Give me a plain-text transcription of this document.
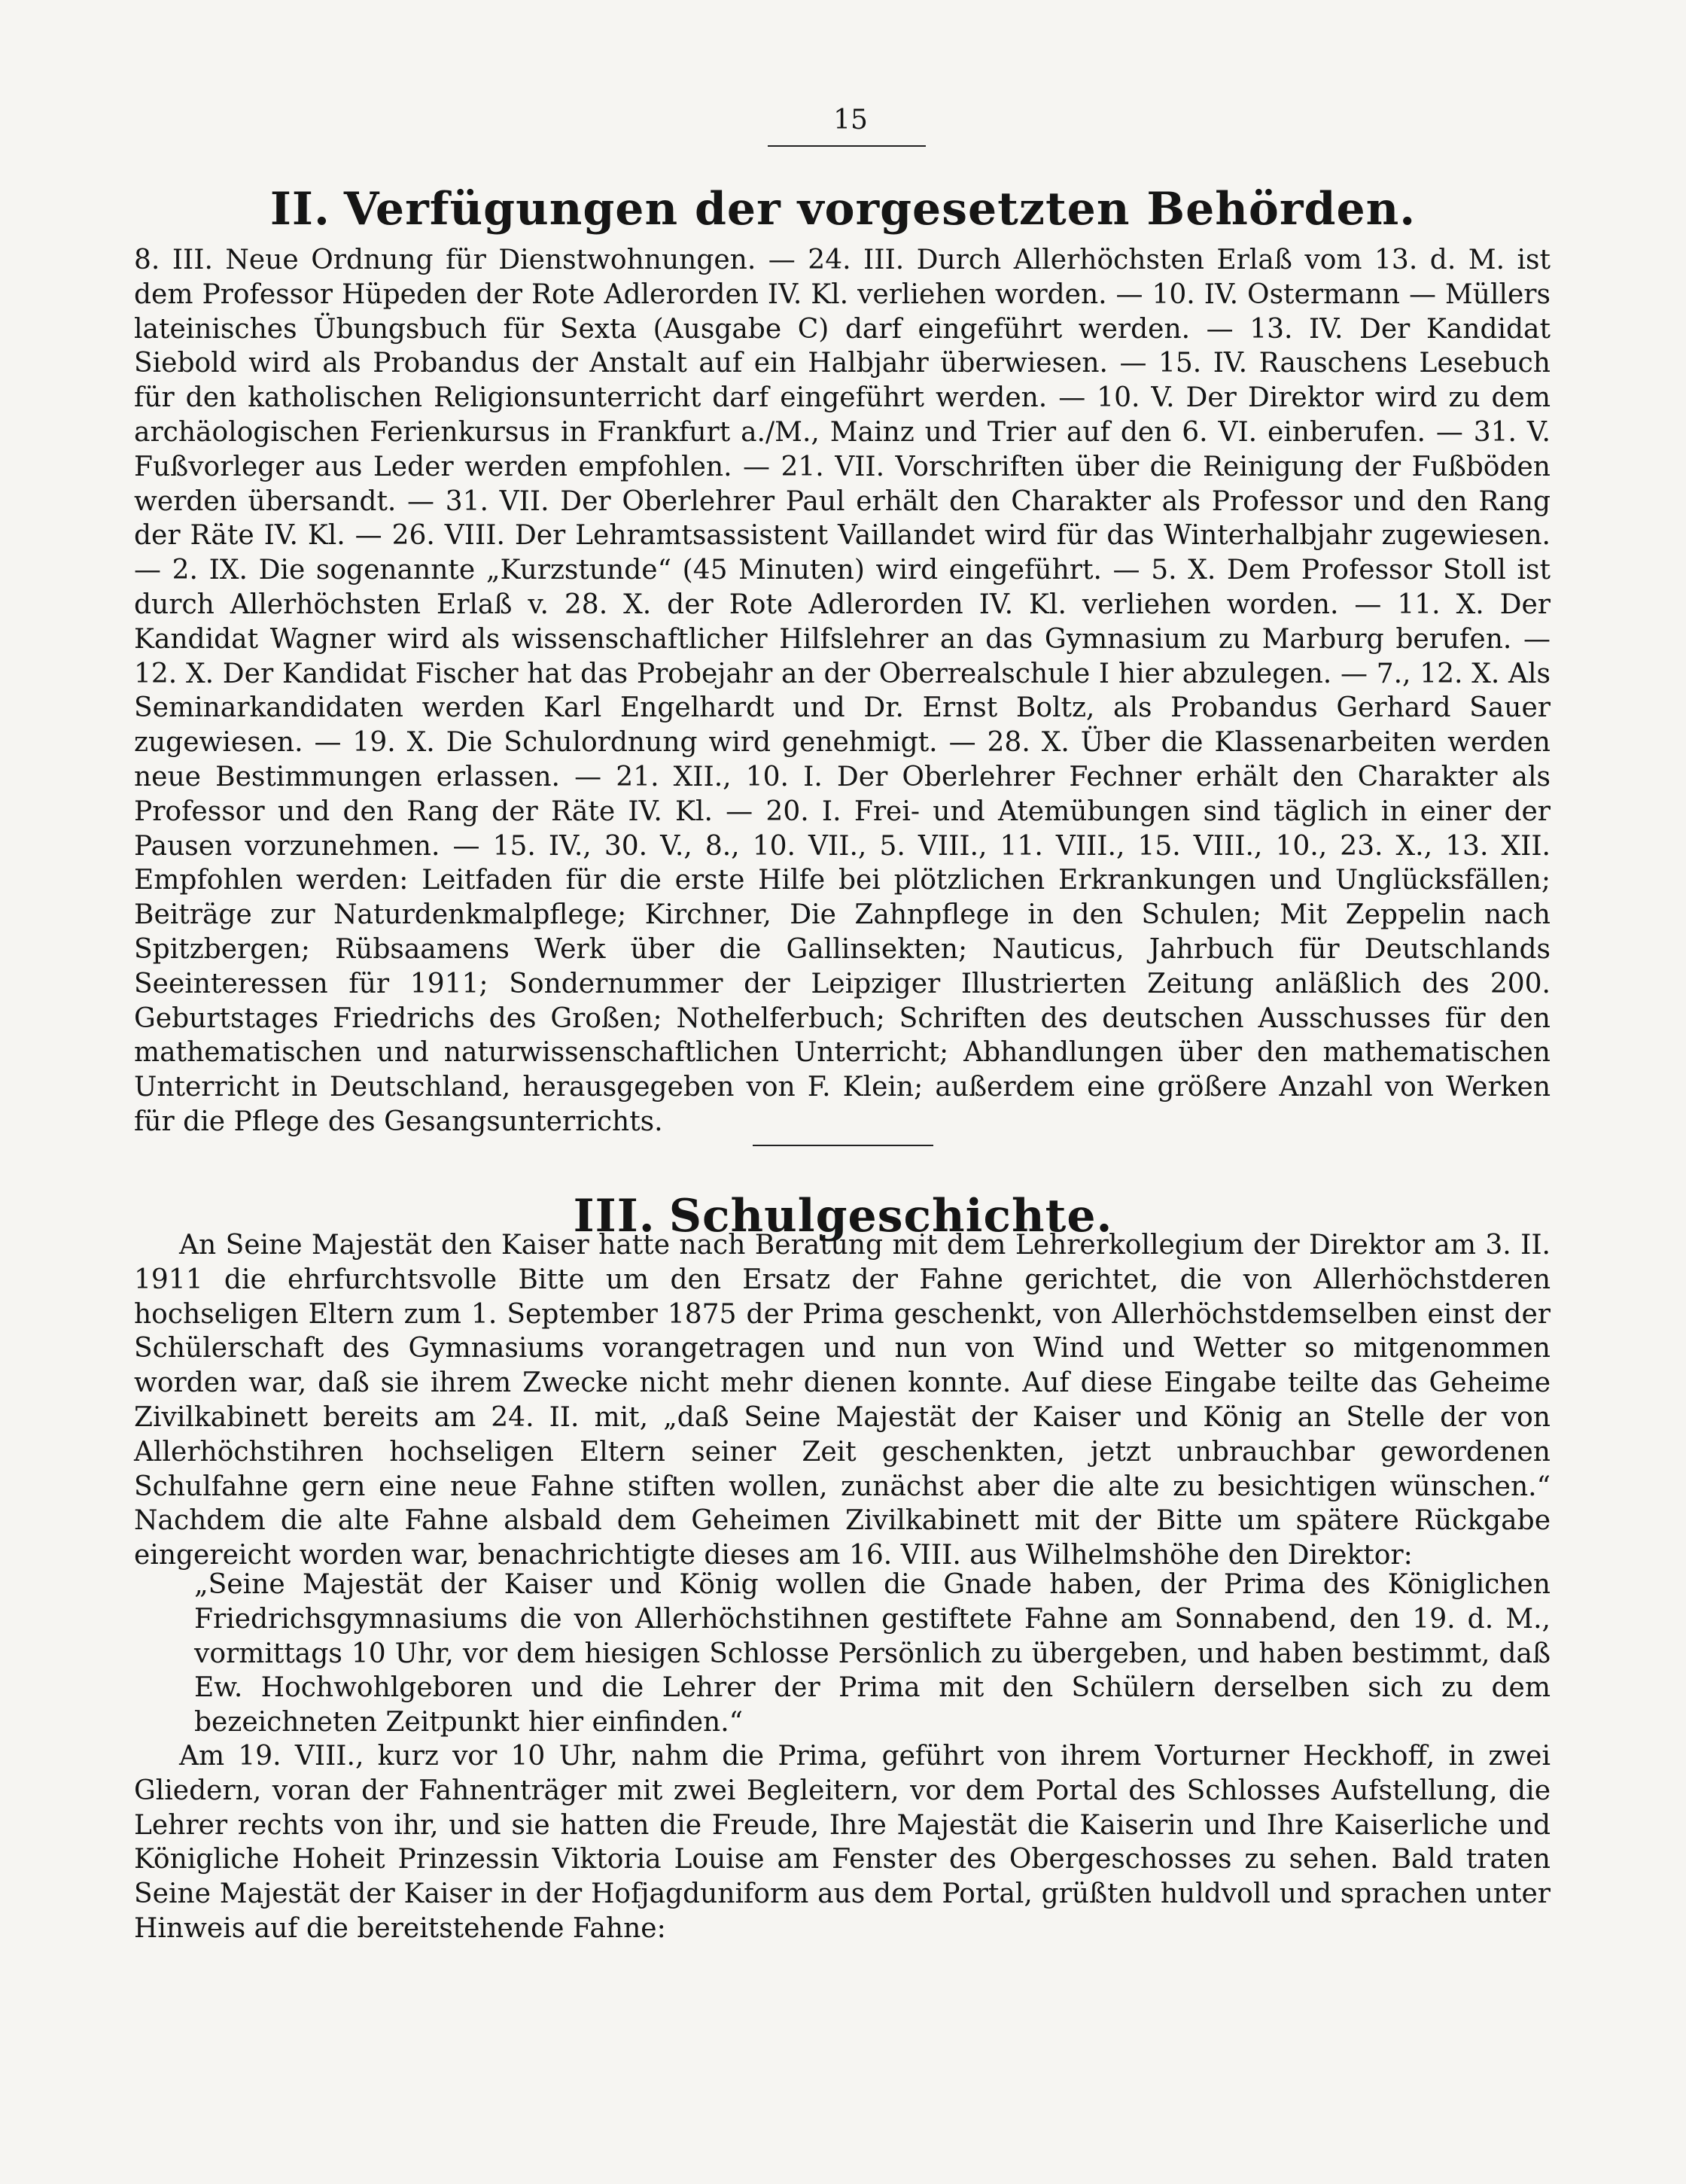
15
II. Verfügungen der vorgesetzten Behörden.

8. III. Neue Ordnung für Dienstwohnungen. — 24. III. Durch Allerhöchsten Erlaß vom 13. d. M. ist dem Professor Hüpeden der Rote Adlerorden IV. Kl. verliehen worden. — 10. IV. Ostermann — Müllers lateinisches Übungsbuch für Sexta (Ausgabe C) darf eingeführt werden. — 13. IV. Der Kandidat Siebold wird als Probandus der Anstalt auf ein Halbjahr überwiesen. — 15. IV. Rauschens Lesebuch für den katholischen Religionsunterricht darf eingeführt werden. — 10. V. Der Direktor wird zu dem archäologischen Ferienkursus in Frankfurt a./M., Mainz und Trier auf den 6. VI. einberufen. — 31. V. Fußvorleger aus Leder werden empfohlen. — 21. VII. Vorschriften über die Reinigung der Fußböden werden übersandt. — 31. VII. Der Oberlehrer Paul erhält den Charakter als Professor und den Rang der Räte IV. Kl. — 26. VIII. Der Lehramtsassistent Vaillandet wird für das Winterhalbjahr zugewiesen. — 2. IX. Die sogenannte „Kurzstunde“ (45 Minuten) wird eingeführt. — 5. X. Dem Professor Stoll ist durch Allerhöchsten Erlaß v. 28. X. der Rote Adlerorden IV. Kl. verliehen worden. — 11. X. Der Kandidat Wagner wird als wissenschaftlicher Hilfslehrer an das Gymnasium zu Marburg berufen. — 12. X. Der Kandidat Fischer hat das Probejahr an der Oberrealschule I hier abzulegen. — 7., 12. X. Als Seminarkandidaten werden Karl Engelhardt und Dr. Ernst Boltz, als Probandus Gerhard Sauer zugewiesen. — 19. X. Die Schulordnung wird genehmigt. — 28. X. Über die Klassenarbeiten werden neue Bestimmungen erlassen. — 21. XII., 10. I. Der Oberlehrer Fechner erhält den Charakter als Professor und den Rang der Räte IV. Kl. — 20. I. Frei- und Atemübungen sind täglich in einer der Pausen vorzunehmen. — 15. IV., 30. V., 8., 10. VII., 5. VIII., 11. VIII., 15. VIII., 10., 23. X., 13. XII. Empfohlen werden: Leitfaden für die erste Hilfe bei plötzlichen Erkrankungen und Unglücksfällen; Beiträge zur Naturdenkmalpflege; Kirchner, Die Zahnpflege in den Schulen; Mit Zeppelin nach Spitzbergen; Rübsaamens Werk über die Gallinsekten; Nauticus, Jahrbuch für Deutschlands Seeinteressen für 1911; Sondernummer der Leipziger Illustrierten Zeitung anläßlich des 200. Geburtstages Friedrichs des Großen; Nothelferbuch; Schriften des deutschen Ausschusses für den mathematischen und naturwissenschaftlichen Unterricht; Abhandlungen über den mathematischen Unterricht in Deutschland, herausgegeben von F. Klein; außerdem eine größere Anzahl von Werken für die Pflege des Gesangsunterrichts.

III. Schulgeschichte.

An Seine Majestät den Kaiser hatte nach Beratung mit dem Lehrerkollegium der Direktor am 3. II. 1911 die ehrfurchtsvolle Bitte um den Ersatz der Fahne gerichtet, die von Allerhöchstderen hochseligen Eltern zum 1. September 1875 der Prima geschenkt, von Allerhöchstdemselben einst der Schülerschaft des Gymnasiums vorangetragen und nun von Wind und Wetter so mitgenommen worden war, daß sie ihrem Zwecke nicht mehr dienen konnte. Auf diese Eingabe teilte das Geheime Zivilkabinett bereits am 24. II. mit, „daß Seine Majestät der Kaiser und König an Stelle der von Allerhöchstihren hochseligen Eltern seiner Zeit geschenkten, jetzt unbrauchbar gewordenen Schulfahne gern eine neue Fahne stiften wollen, zunächst aber die alte zu besichtigen wünschen.“ Nachdem die alte Fahne alsbald dem Geheimen Zivilkabinett mit der Bitte um spätere Rückgabe eingereicht worden war, benachrichtigte dieses am 16. VIII. aus Wilhelmshöhe den Direktor:

„Seine Majestät der Kaiser und König wollen die Gnade haben, der Prima des Königlichen Friedrichsgymnasiums die von Allerhöchstihnen gestiftete Fahne am Sonnabend, den 19. d. M., vormittags 10 Uhr, vor dem hiesigen Schlosse Persönlich zu übergeben, und haben bestimmt, daß Ew. Hochwohlgeboren und die Lehrer der Prima mit den Schülern derselben sich zu dem bezeichneten Zeitpunkt hier einfinden.“

Am 19. VIII., kurz vor 10 Uhr, nahm die Prima, geführt von ihrem Vorturner Heckhoff, in zwei Gliedern, voran der Fahnenträger mit zwei Begleitern, vor dem Portal des Schlosses Aufstellung, die Lehrer rechts von ihr, und sie hatten die Freude, Ihre Majestät die Kaiserin und Ihre Kaiserliche und Königliche Hoheit Prinzessin Viktoria Louise am Fenster des Obergeschosses zu sehen. Bald traten Seine Majestät der Kaiser in der Hofjagduniform aus dem Portal, grüßten huldvoll und sprachen unter Hinweis auf die bereitstehende Fahne:
